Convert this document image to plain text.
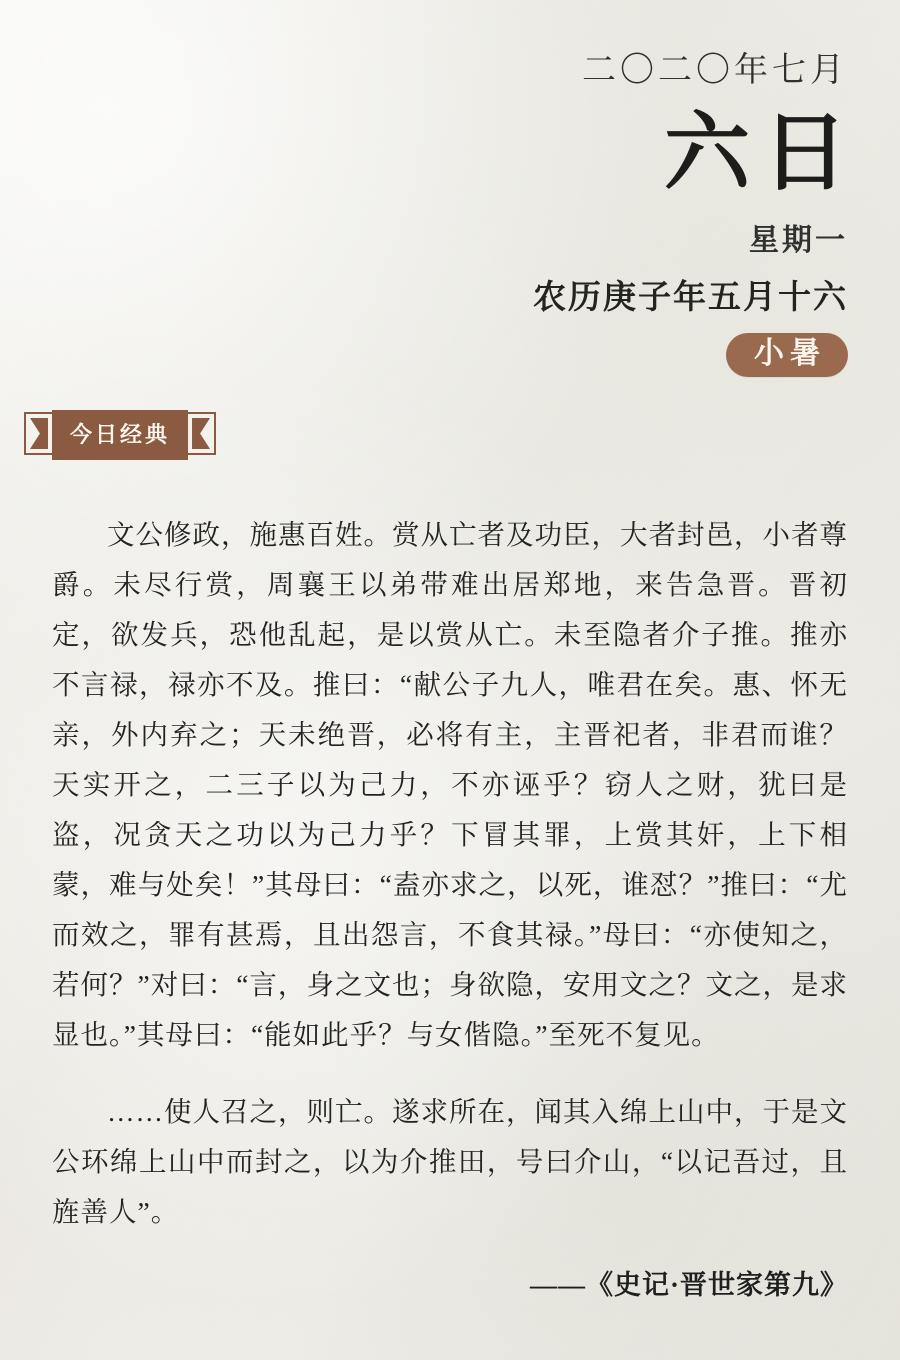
二〇二〇年七月
六日
星期一
农历庚子年五月十六
小暑
今日经典

文公修政，施惠百姓。赏从亡者及功臣，大者封邑，小者尊爵。未尽行赏，周襄王以弟带难出居郑地，来告急晋。晋初定，欲发兵，恐他乱起，是以赏从亡。未至隐者介子推。推亦不言禄，禄亦不及。推曰：“献公子九人，唯君在矣。惠、怀无亲，外内弃之；天未绝晋，必将有主，主晋祀者，非君而谁？天实开之，二三子以为己力，不亦诬乎？窃人之财，犹曰是盗，况贪天之功以为己力乎？下冒其罪，上赏其奸，上下相蒙，难与处矣！”其母曰：“盍亦求之，以死，谁怼？”推曰：“尤而效之，罪有甚焉，且出怨言，不食其禄。”母曰：“亦使知之，若何？”对曰：“言，身之文也；身欲隐，安用文之？文之，是求显也。”其母曰：“能如此乎？与女偕隐。”至死不复见。

……使人召之，则亡。遂求所在，闻其入绵上山中，于是文公环绵上山中而封之，以为介推田，号曰介山，“以记吾过，且旌善人”。

——《史记·晋世家第九》
